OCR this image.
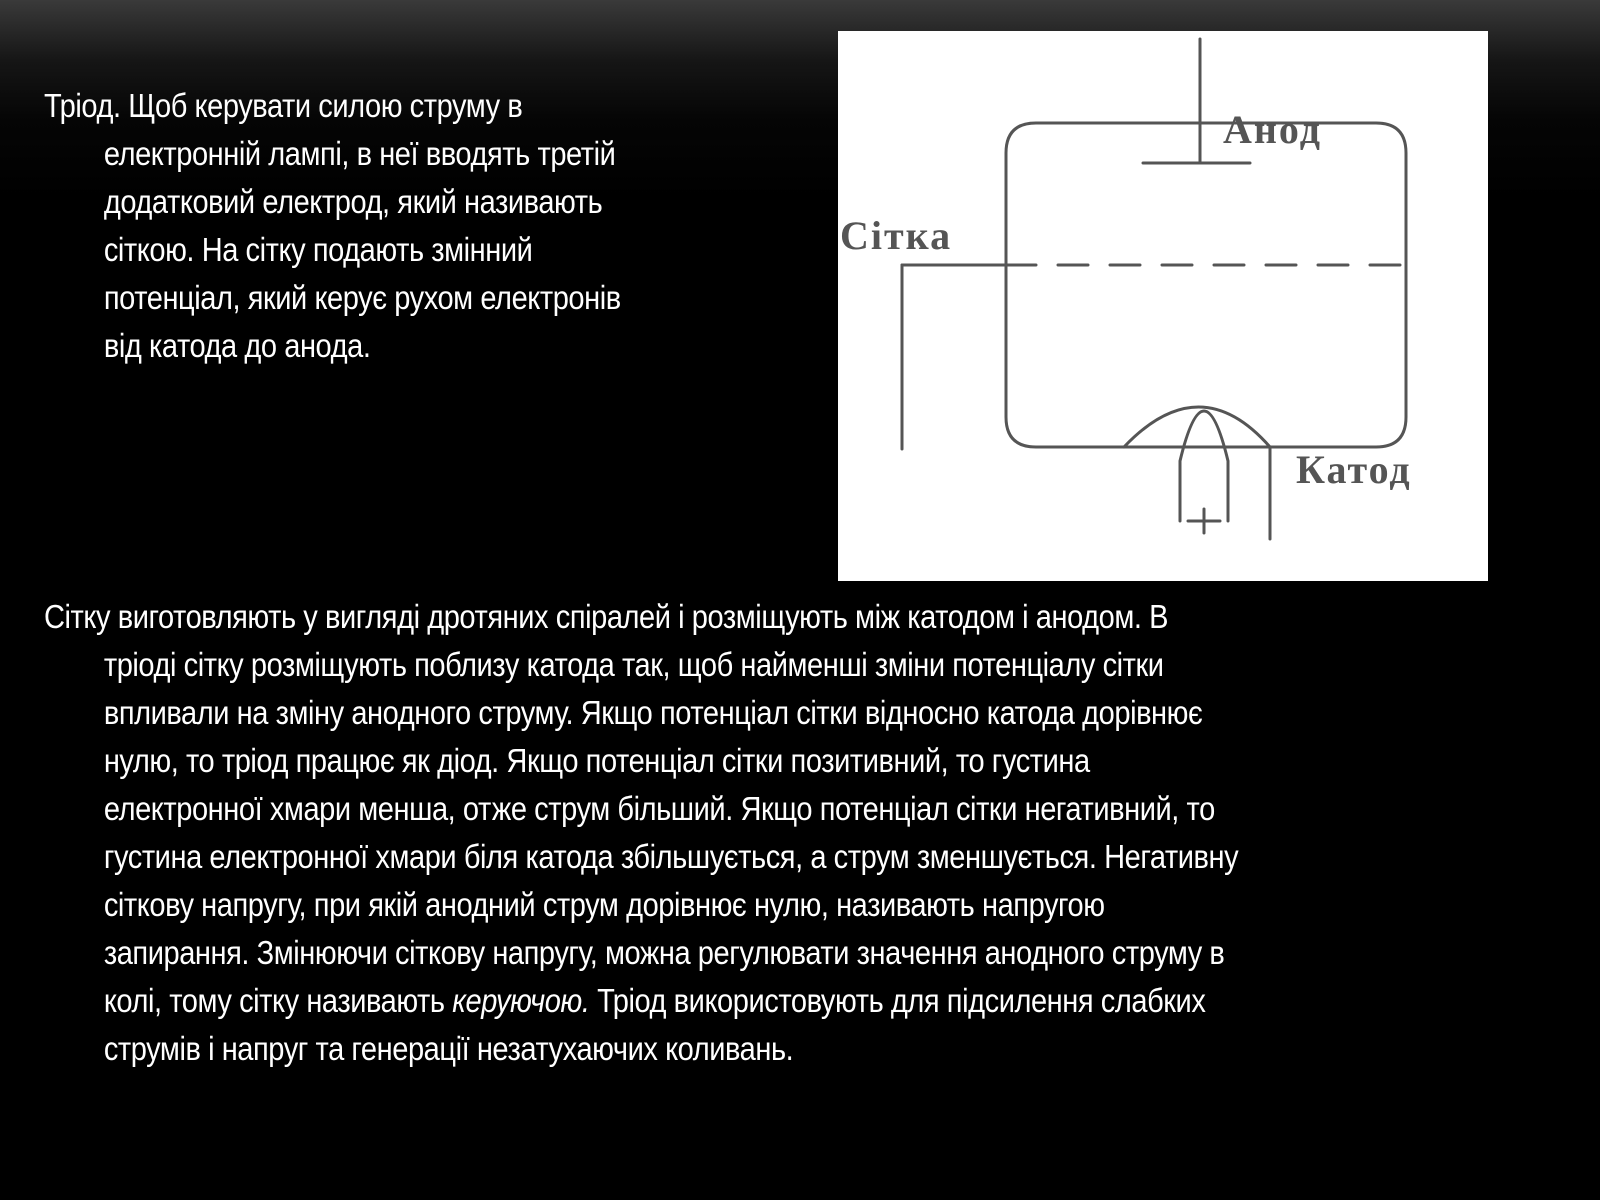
Тріод. Щоб керувати силою струму в
електронній лампі, в неї вводять третій
додатковий електрод, який називають
сіткою. На сітку подають змінний
потенціал, який керує рухом електронів
від катода до анода.

Анод
Сітка
Катод

Сітку виготовляють у вигляді дротяних спіралей і розміщують між катодом і анодом. В
тріоді сітку розміщують поблизу катода так, щоб найменші зміни потенціалу сітки
впливали на зміну анодного струму. Якщо потенціал сітки відносно катода дорівнює
нулю, то тріод працює як діод. Якщо потенціал сітки позитивний, то густина
електронної хмари менша, отже струм більший. Якщо потенціал сітки негативний, то
густина електронної хмари біля катода збільшується, а струм зменшується. Негативну
сіткову напругу, при якій анодний струм дорівнює нулю, називають напругою
запирання. Змінюючи сіткову напругу, можна регулювати значення анодного струму в
колі, тому сітку називають керуючою. Тріод використовують для підсилення слабких
струмів і напруг та генерації незатухаючих коливань.
